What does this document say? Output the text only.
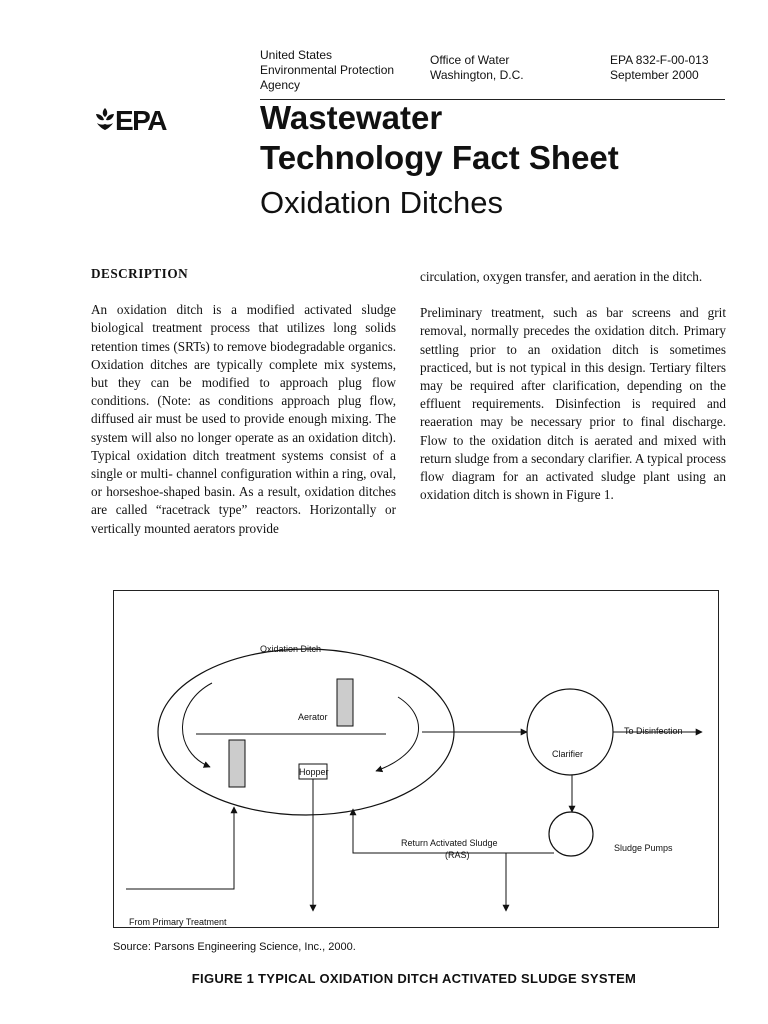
United States
Environmental Protection
Agency
Office of Water
Washington, D.C.
EPA 832-F-00-013
September 2000
EPA	Wastewater
Technology Fact Sheet
Oxidation Ditches

DESCRIPTION

An oxidation ditch is a modified activated sludge biological treatment process that utilizes long solids retention times (SRTs) to remove biodegradable organics. Oxidation ditches are typically complete mix systems, but they can be modified to approach plug flow conditions. (Note: as conditions approach plug flow, diffused air must be used to provide enough mixing. The system will also no longer operate as an oxidation ditch). Typical oxidation ditch treatment systems consist of a single or multi- channel configuration within a ring, oval, or horseshoe-shaped basin. As a result, oxidation ditches are called “racetrack type” reactors. Horizontally or vertically mounted aerators provide

circulation, oxygen transfer, and aeration in the ditch.

Preliminary treatment, such as bar screens and grit removal, normally precedes the oxidation ditch. Primary settling prior to an oxidation ditch is sometimes practiced, but is not typical in this design. Tertiary filters may be required after clarification, depending on the effluent requirements. Disinfection is required and reaeration may be necessary prior to final discharge. Flow to the oxidation ditch is aerated and mixed with return sludge from a secondary clarifier. A typical process flow diagram for an activated sludge plant using an oxidation ditch is shown in Figure 1.

Oxidation Ditch
Aerator
Hopper
Clarifier
To Disinfection
Sludge Pumps
Return Activated Sludge
(RAS)
From Primary Treatment
Source: Parsons Engineering Science, Inc., 2000.
FIGURE 1 TYPICAL OXIDATION DITCH ACTIVATED SLUDGE SYSTEM
